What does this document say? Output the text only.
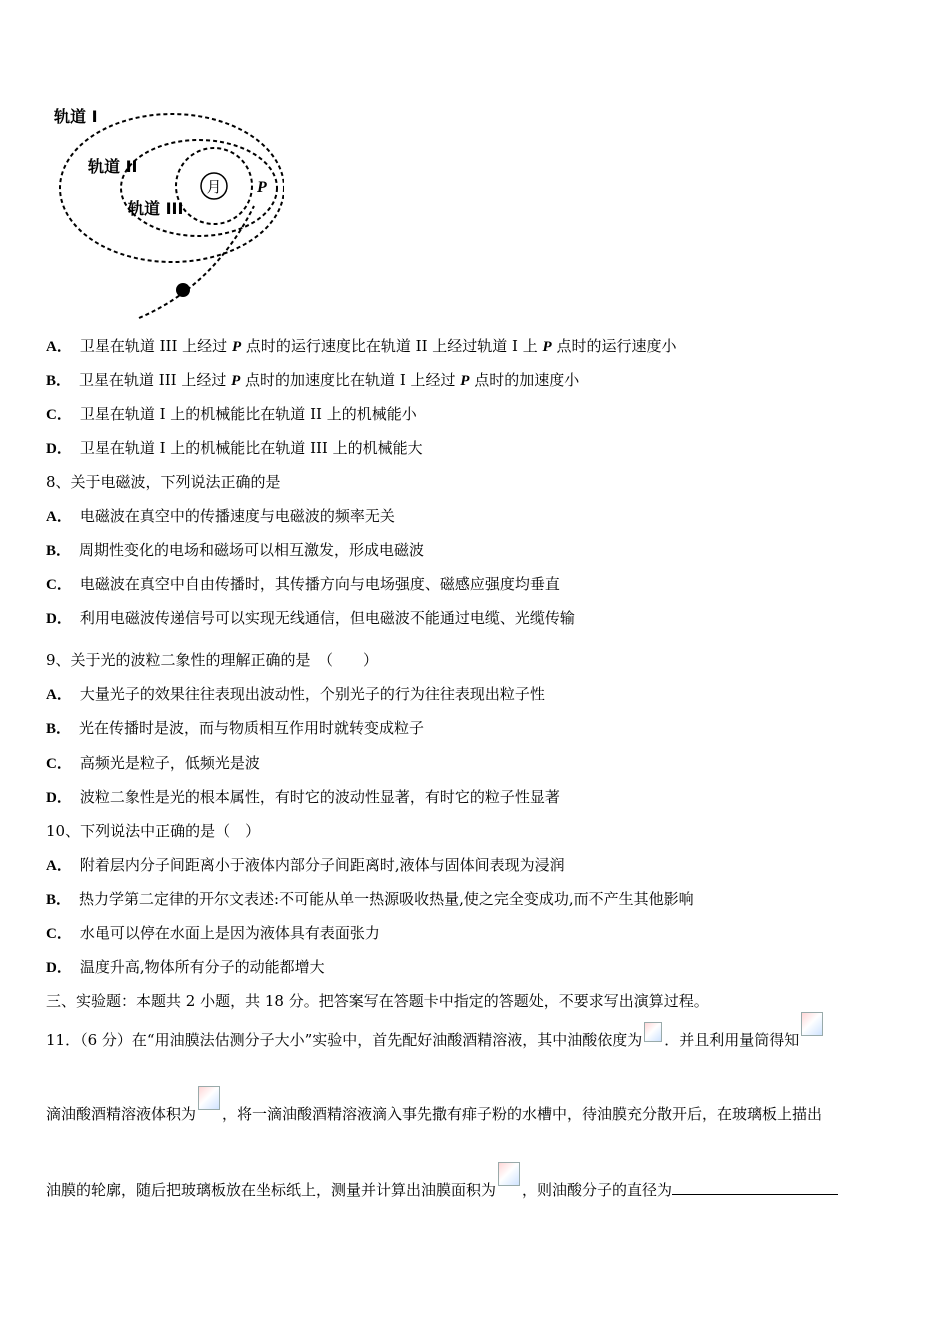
月
轨道 I
轨道 II
轨道 III
P
A． 卫星在轨道 III 上经过 P 点时的运行速度比在轨道 II 上经过轨道 I 上 P 点时的运行速度小
B． 卫星在轨道 III 上经过 P 点时的加速度比在轨道 I 上经过 P 点时的加速度小
C． 卫星在轨道 I 上的机械能比在轨道 II 上的机械能小
D． 卫星在轨道 I 上的机械能比在轨道 III 上的机械能大
8、关于电磁波，下列说法正确的是
A． 电磁波在真空中的传播速度与电磁波的频率无关
B． 周期性变化的电场和磁场可以相互激发，形成电磁波
C． 电磁波在真空中自由传播时，其传播方向与电场强度、磁感应强度均垂直
D． 利用电磁波传递信号可以实现无线通信，但电磁波不能通过电缆、光缆传输
9、关于光的波粒二象性的理解正确的是　（　　）
A． 大量光子的效果往往表现出波动性，个别光子的行为往往表现出粒子性
B． 光在传播时是波，而与物质相互作用时就转变成粒子
C． 高频光是粒子，低频光是波
D． 波粒二象性是光的根本属性，有时它的波动性显著，有时它的粒子性显著
10、下列说法中正确的是（　）
A． 附着层内分子间距离小于液体内部分子间距离时,液体与固体间表现为浸润
B． 热力学第二定律的开尔文表述:不可能从单一热源吸收热量,使之完全变成功,而不产生其他影响
C． 水黾可以停在水面上是因为液体具有表面张力
D． 温度升高,物体所有分子的动能都增大
三、实验题：本题共 2 小题，共 18 分。把答案写在答题卡中指定的答题处，不要求写出演算过程。
11．（6 分）在“用油膜法估测分子大小”实验中，首先配好油酸酒精溶液，其中油酸依度为 ．并且利用量筒得知
滴油酸酒精溶液体积为 ，将一滴油酸酒精溶液滴入事先撒有痱子粉的水槽中，待油膜充分散开后，在玻璃板上描出
油膜的轮廓，随后把玻璃板放在坐标纸上，测量并计算出油膜面积为 ，则油酸分子的直径为
